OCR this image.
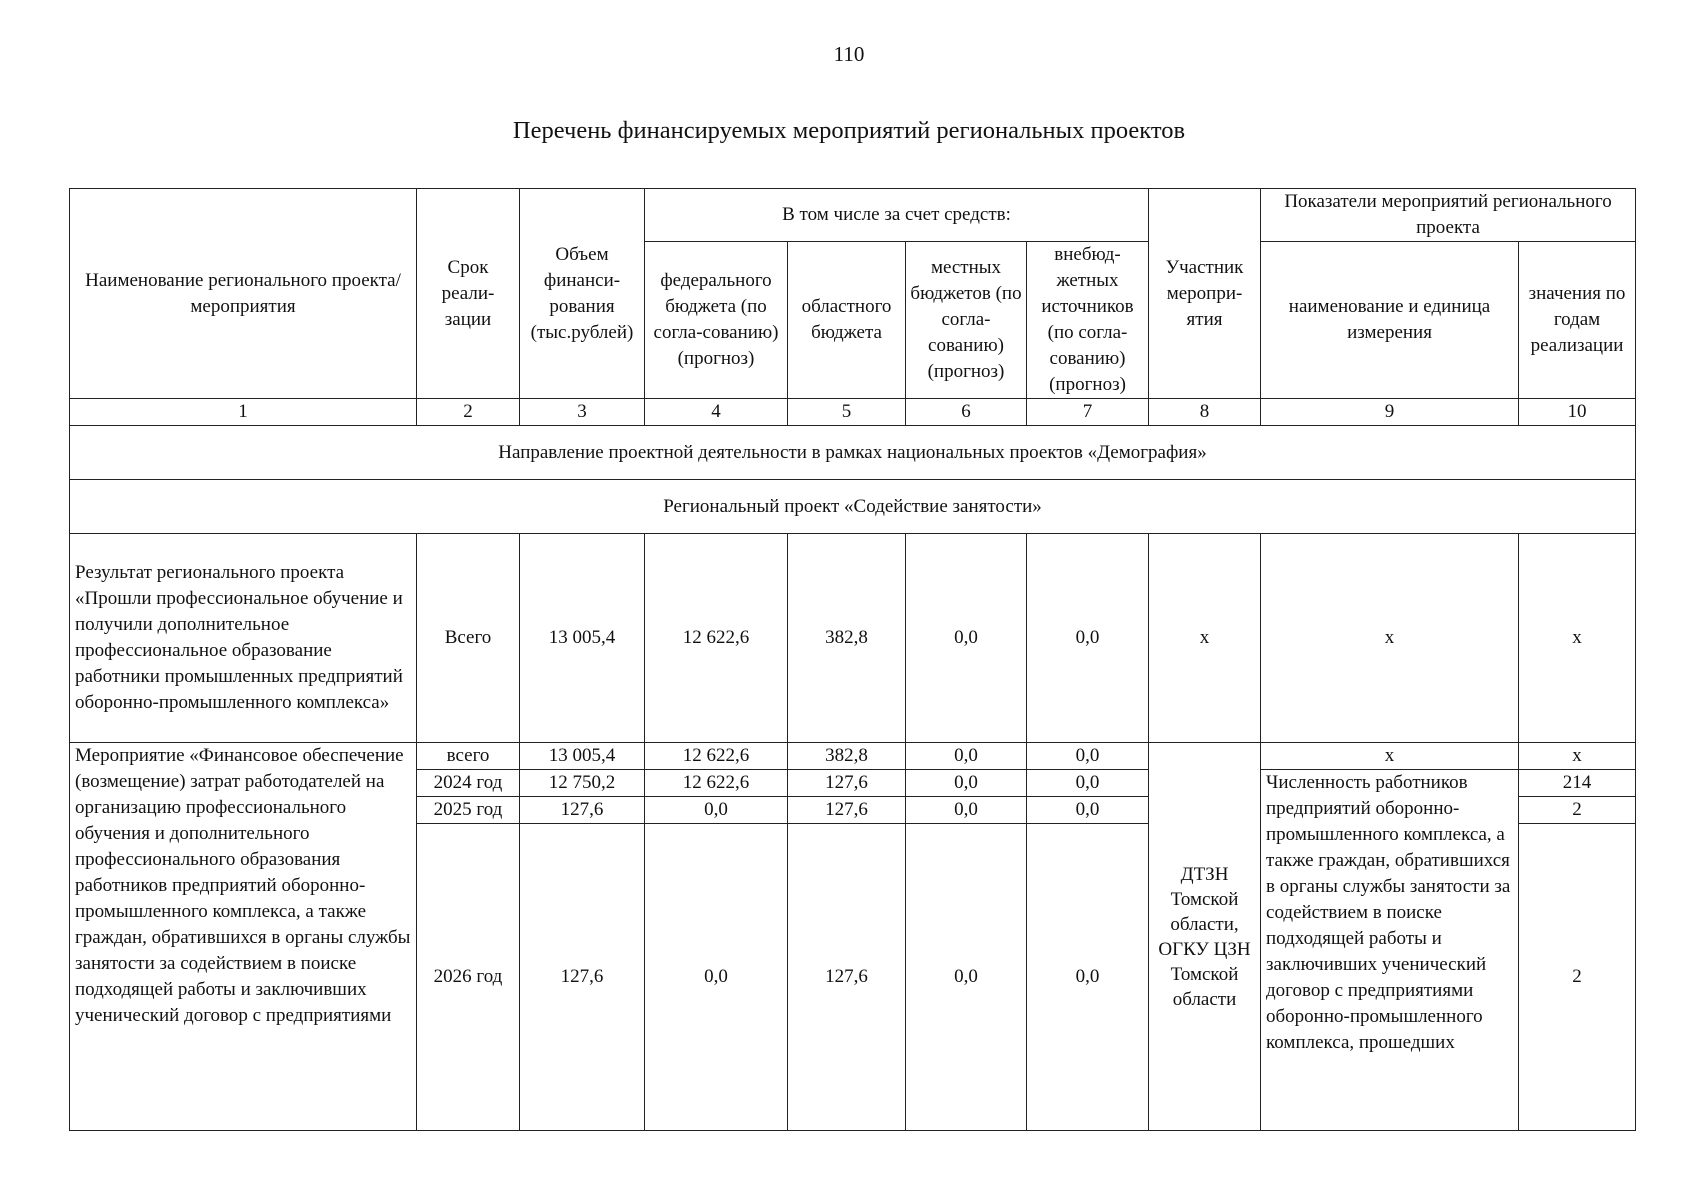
110
Перечень финансируемых мероприятий региональных проектов
Наименование регионального проекта/ мероприятия	Срок реали-зации	Объем финанси-рования (тыс.рублей)	В том числе за счет средств:				Участник меропри-ятия	Показатели мероприятий регионального проекта	
			федерального бюджета (по согла-сованию) (прогноз)	областного бюджета	местных бюджетов (по согла-сованию) (прогноз)	внебюд-жетных источников (по согла-сованию) (прогноз)		наименование и единица измерения	значения по годам реализации
1	2	3	4	5	6	7	8	9	10
Направление проектной деятельности в рамках национальных проектов «Демография»									
Региональный проект «Содействие занятости»									
Результат регионального проекта «Прошли профессиональное обучение и получили дополнительное профессиональное образование работники промышленных предприятий оборонно-промышленного комплекса»	Всего	13 005,4	12 622,6	382,8	0,0	0,0	х	х	х
Мероприятие «Финансовое обеспечение (возмещение) затрат работодателей на организацию профессионального обучения и дополнительного профессионального образования работников предприятий оборонно-промышленного комплекса, а также граждан, обратившихся в органы службы занятости за содействием в поиске подходящей работы и заключивших ученический договор с предприятиями	всего	13 005,4	12 622,6	382,8	0,0	0,0	ДТЗН Томской области, ОГКУ ЦЗН Томской области	х	х
	2024 год	12 750,2	12 622,6	127,6	0,0	0,0		Численность работников предприятий оборонно-промышленного комплекса, а также граждан, обратившихся в органы службы занятости за содействием в поиске подходящей работы и заключивших ученический договор с предприятиями оборонно-промышленного комплекса, прошедших	214
	2025 год	127,6	0,0	127,6	0,0	0,0			2
	2026 год	127,6	0,0	127,6	0,0	0,0			2
